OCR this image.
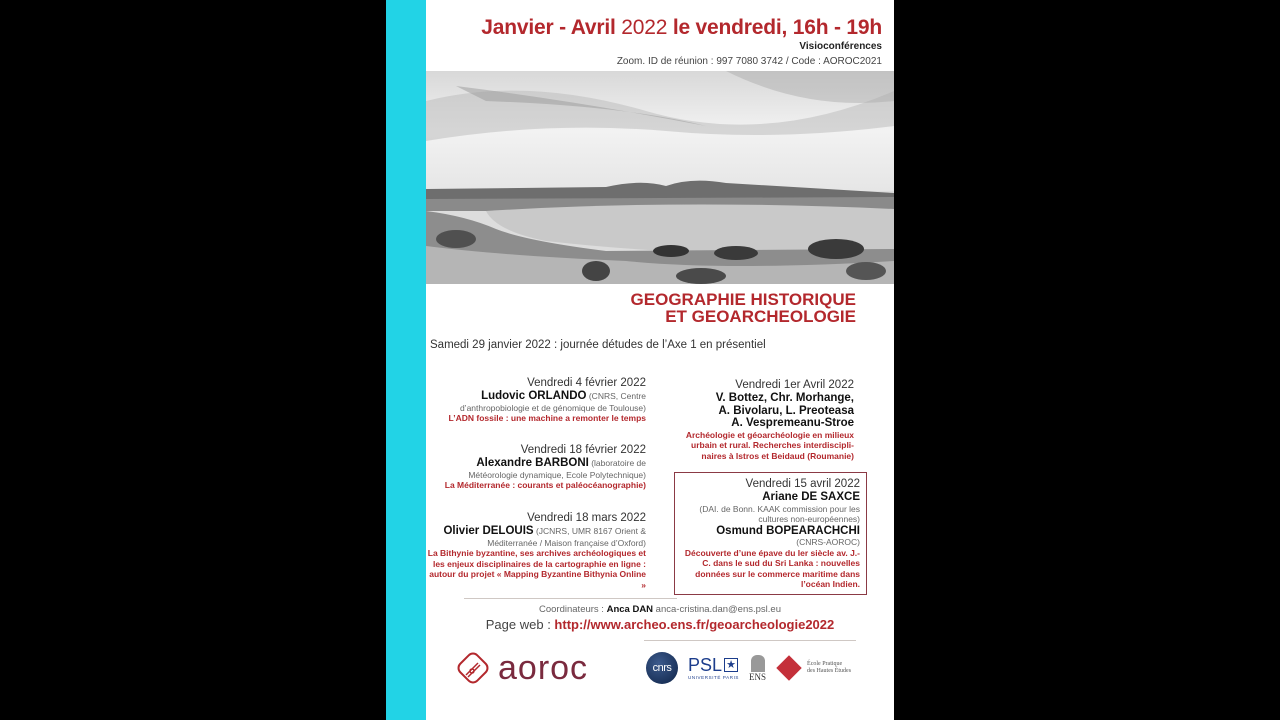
Janvier - Avril 2022 le vendredi, 16h - 19h
Visioconférences
Zoom. ID de réunion : 997 7080 3742 / Code : AOROC2021
GEOGRAPHIE HISTORIQUE
ET GEOARCHEOLOGIE
Samedi 29 janvier 2022 : journée détudes de l’Axe 1 en présentiel
Vendredi 4 février 2022
Ludovic ORLANDO (CNRS, Centre d’anthropobiologie et de génomique de Toulouse)
L’ADN fossile : une machine a remonter le temps
Vendredi 18 février 2022
Alexandre BARBONI (laboratoire de Météorologie dynamique, Ecole Polytechnique)
La Méditerranée : courants et paléocéanographie)
Vendredi 18 mars 2022
Olivier DELOUIS (JCNRS, UMR 8167 Orient & Méditerranée / Maison française d’Oxford)
La Bithynie byzantine, ses archives archéologiques et les enjeux disciplinaires de la cartographie en ligne : autour du projet « Mapping Byzantine Bithynia Online »
Vendredi 1er Avril 2022
V. Bottez, Chr. Morhange,
A. Bivolaru, L. Preoteasa
A. Vespremeanu-Stroe
Archéologie et géoarchéologie en milieux urbain et rural. Recherches interdiscipli- naires à Istros et Beidaud (Roumanie)
Vendredi 15 avril 2022
Ariane DE SAXCE
(DAI. de Bonn. KAAK commission pour les cultures non-européennes)
Osmund BOPEARACHCHI
(CNRS-AOROC)
Découverte d’une épave du Ier siècle av. J.-C. dans le sud du Sri Lanka : nouvelles données sur le commerce maritime dans l’océan Indien.
Coordinateurs : Anca DAN anca-cristina.dan@ens.psl.eu
Page web : http://www.archeo.ens.fr/geoarcheologie2022
aoroc	cnrs PSL ★
UNIVERSITÉ PARIS ENS
École Pratique
des Hautes Études
